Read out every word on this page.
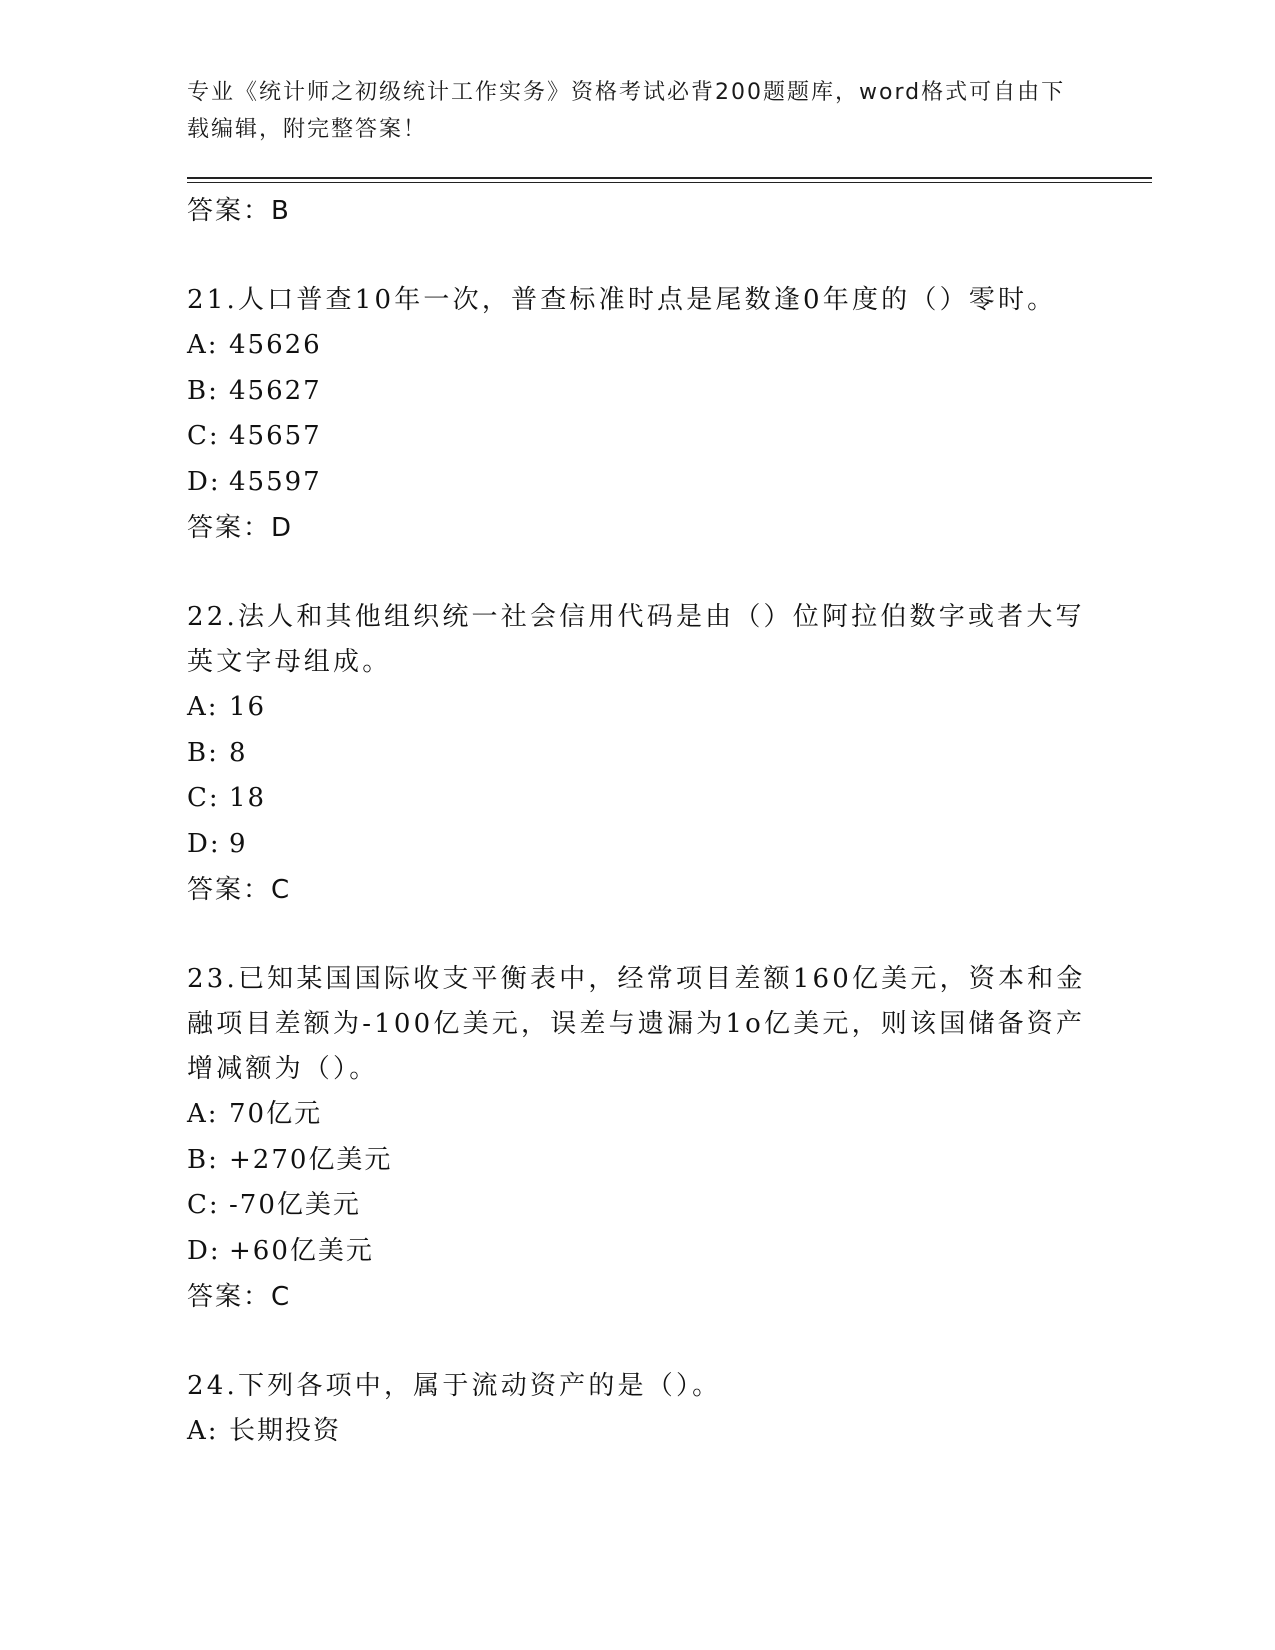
专业《统计师之初级统计工作实务》资格考试必背200题题库，word格式可自由下载编辑，附完整答案！

答案：B

21.人口普查10年一次，普查标准时点是尾数逢0年度的（）零时。

A: 45626

B: 45627

C: 45657

D: 45597

答案：D

22.法人和其他组织统一社会信用代码是由（）位阿拉伯数字或者大写英文字母组成。

A: 16

B: 8

C: 18

D: 9

答案：C

23.已知某国国际收支平衡表中，经常项目差额160亿美元，资本和金融项目差额为-100亿美元，误差与遗漏为1o亿美元，则该国储备资产增减额为（）。

A: 70亿元

B: +270亿美元

C: -70亿美元

D: +60亿美元

答案：C

24.下列各项中，属于流动资产的是（）。

A: 长期投资
